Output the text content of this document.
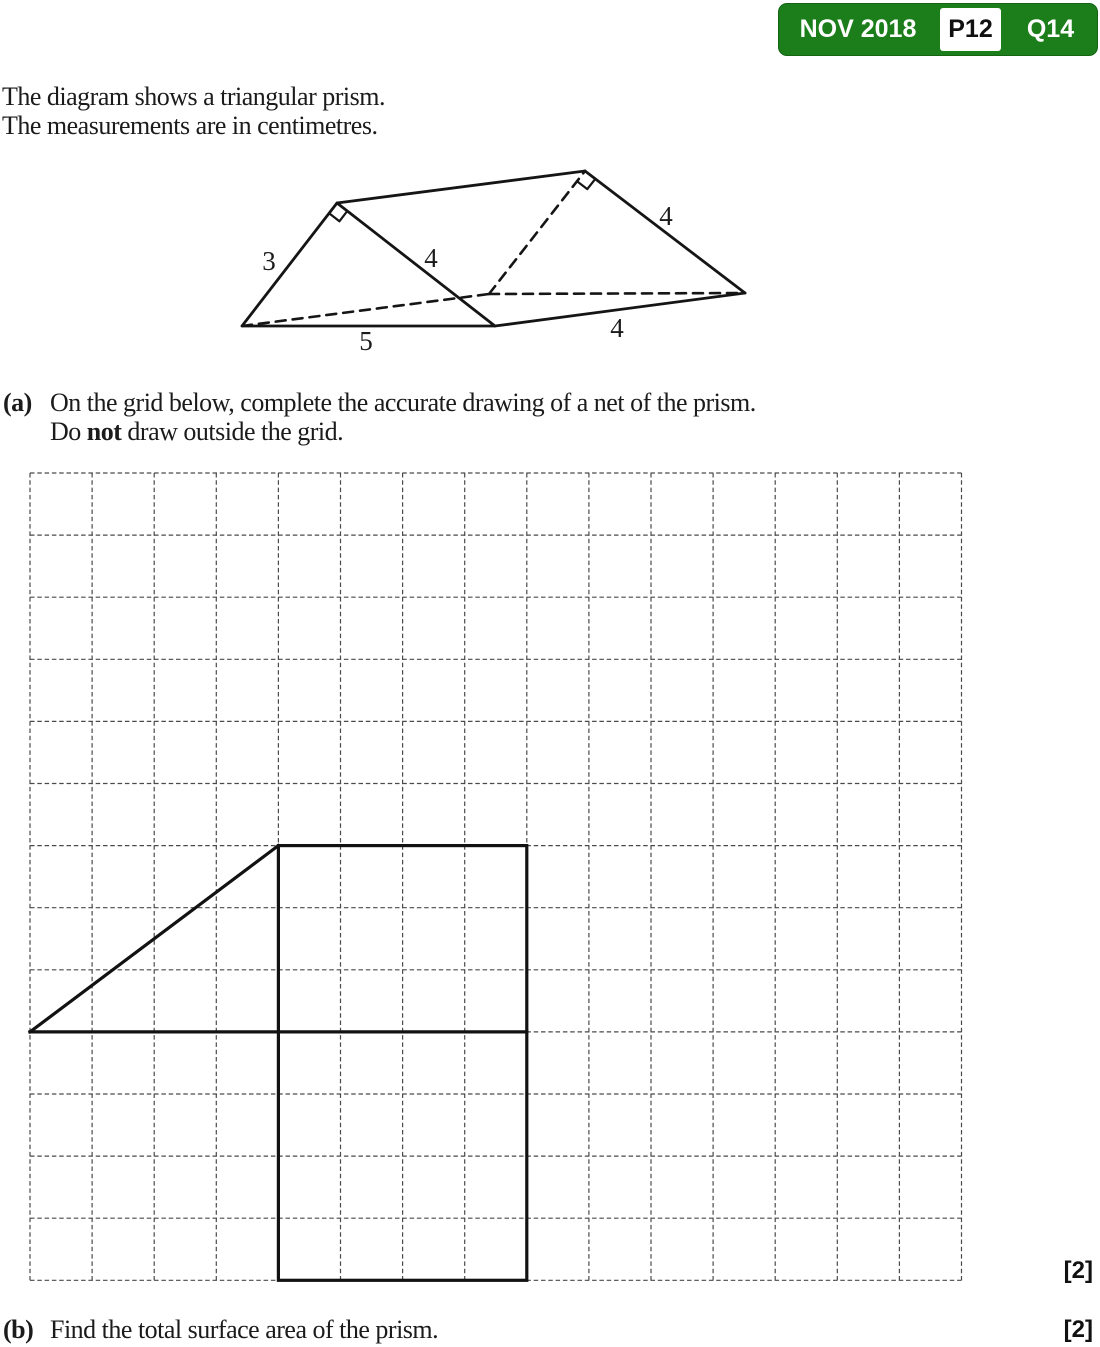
3	4
5	4
4
NOV 2018	P12	Q14
The diagram shows a triangular prism.
The measurements are in centimetres.
(a) On the grid below, complete the accurate drawing of a net of the prism.
Do not draw outside the grid.
[2]
(b) Find the total surface area of the prism.	[2]
